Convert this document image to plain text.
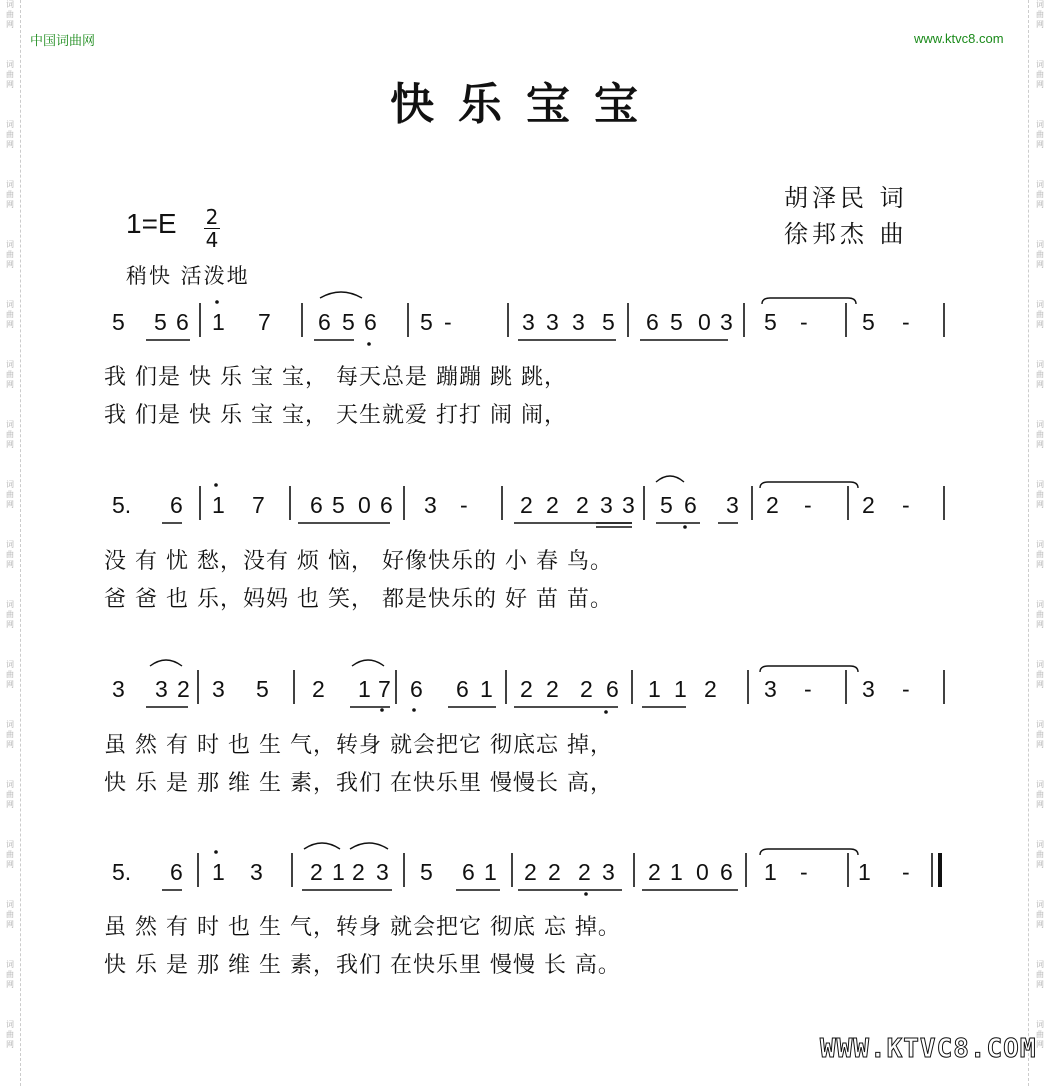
词
曲
网
词
曲
网
词
曲
网
词
曲
网
词
曲
网
词
曲
网
词
曲
网
词
曲
网
词
曲
网
词
曲
网
词
曲
网
词
曲
网
词
曲
网
词
曲
网
词
曲
网
词
曲
网
词
曲
网
词
曲
网
词
曲
网
词
曲
网
词
曲
网
词
曲
网
词
曲
网
词
曲
网
词
曲
网
词
曲
网
词
曲
网
词
曲
网
词
曲
网
词
曲
网
词
曲
网
词
曲
网
词
曲
网
词
曲
网
词
曲
网
词
曲
网
中国词曲网	www.ktvc8.com
快乐宝宝
胡泽民 词
徐邦杰 曲
1=E 2
4
稍快 活泼地
5 5 6 1 7 6 5 6 5 -	3 3 3 5 6 5 0 3 5 - 5 -
5. 6 1 7 6 5 0 6 3 - 2 2 2 3 3 5 6 3 2 - 2 -
3 3 2 3 5 2 1 7 6 6 1 2 2 2 6 1 1 2 3 - 3 -
5. 6 1 3 2 1 2 3 5 6 1 2 2 2 3 2 1 0 6 1 - 1 -
我 们是 快 乐 宝 宝， 每天总是 蹦蹦 跳 跳，
我 们是 快 乐 宝 宝， 天生就爱 打打 闹 闹，
没 有 忧 愁，没有 烦 恼， 好像快乐的 小 春 鸟。
爸 爸 也 乐，妈妈 也 笑， 都是快乐的 好 苗 苗。
虽 然 有 时 也 生 气，转身 就会把它 彻底忘 掉，
快 乐 是 那 维 生 素，我们 在快乐里 慢慢长 高，
虽 然 有 时 也 生 气，转身 就会把它 彻底 忘 掉。
快 乐 是 那 维 生 素，我们 在快乐里 慢慢 长 高。
WWW.KTVC8.COM
